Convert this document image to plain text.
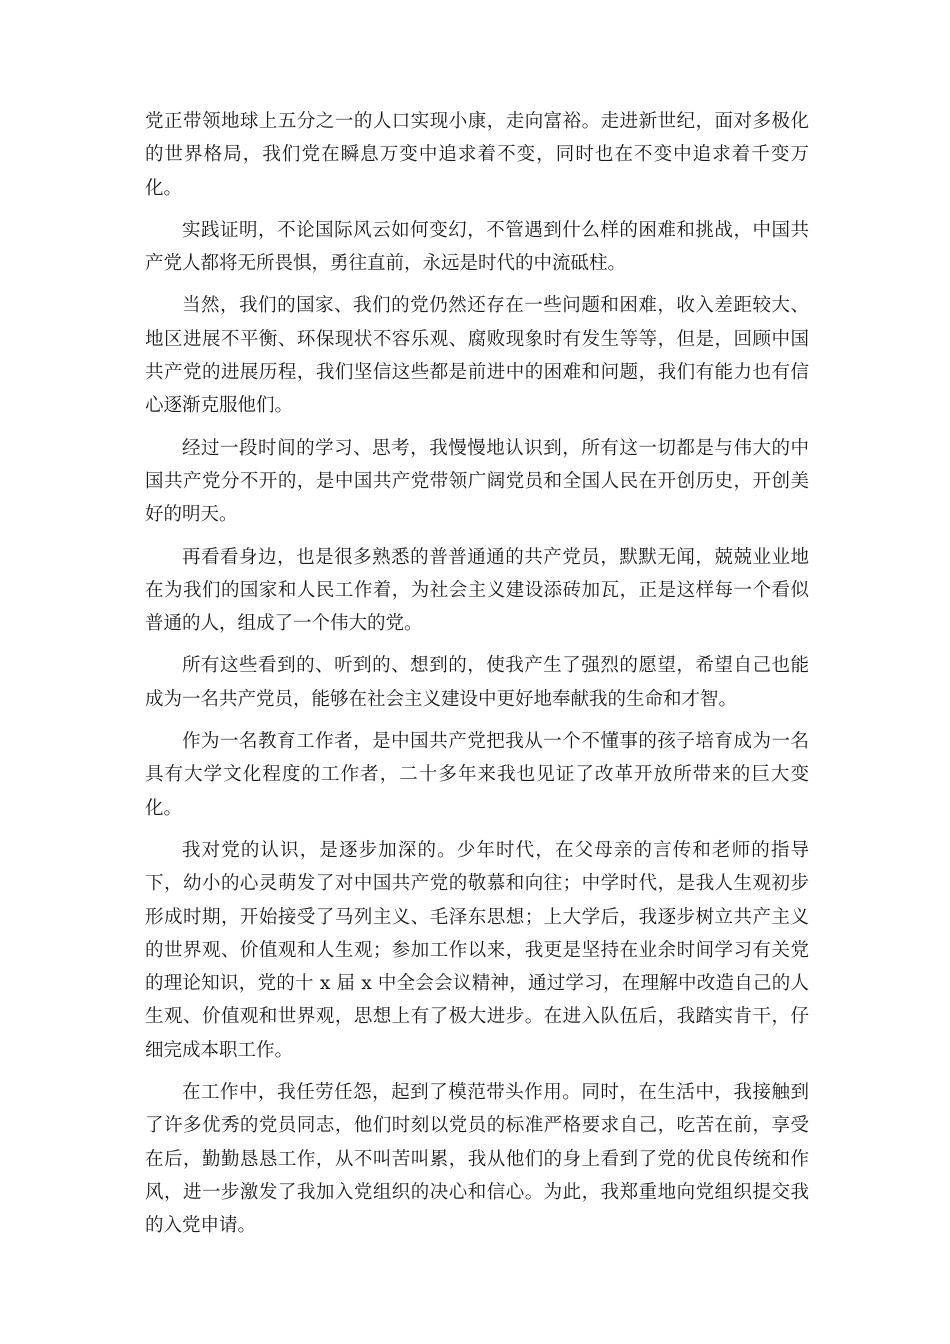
党正带领地球上五分之一的人口实现小康，走向富裕。走进新世纪，面对多极化的世界格局，我们党在瞬息万变中追求着不变，同时也在不变中追求着千变万化。

实践证明，不论国际风云如何变幻，不管遇到什么样的困难和挑战，中国共产党人都将无所畏惧，勇往直前，永远是时代的中流砥柱。

当然，我们的国家、我们的党仍然还存在一些问题和困难，收入差距较大、地区进展不平衡、环保现状不容乐观、腐败现象时有发生等等，但是，回顾中国共产党的进展历程，我们坚信这些都是前进中的困难和问题，我们有能力也有信心逐渐克服他们。

经过一段时间的学习、思考，我慢慢地认识到，所有这一切都是与伟大的中国共产党分不开的，是中国共产党带领广阔党员和全国人民在开创历史，开创美好的明天。

再看看身边，也是很多熟悉的普普通通的共产党员，默默无闻，兢兢业业地在为我们的国家和人民工作着，为社会主义建设添砖加瓦，正是这样每一个看似普通的人，组成了一个伟大的党。

所有这些看到的、听到的、想到的，使我产生了强烈的愿望，希望自己也能成为一名共产党员，能够在社会主义建设中更好地奉献我的生命和才智。

作为一名教育工作者，是中国共产党把我从一个不懂事的孩子培育成为一名具有大学文化程度的工作者，二十多年来我也见证了改革开放所带来的巨大变化。

我对党的认识，是逐步加深的。少年时代，在父母亲的言传和老师的指导下，幼小的心灵萌发了对中国共产党的敬慕和向往；中学时代，是我人生观初步形成时期，开始接受了马列主义、毛泽东思想；上大学后，我逐步树立共产主义的世界观、价值观和人生观；参加工作以来，我更是坚持在业余时间学习有关党的理论知识，党的十 x 届 x 中全会会议精神，通过学习，在理解中改造自己的人生观、价值观和世界观，思想上有了极大进步。在进入队伍后，我踏实肯干，仔细完成本职工作。

在工作中，我任劳任怨，起到了模范带头作用。同时，在生活中，我接触到了许多优秀的党员同志，他们时刻以党员的标准严格要求自己，吃苦在前，享受在后，勤勤恳恳工作，从不叫苦叫累，我从他们的身上看到了党的优良传统和作风，进一步激发了我加入党组织的决心和信心。为此，我郑重地向党组织提交我的入党申请。
